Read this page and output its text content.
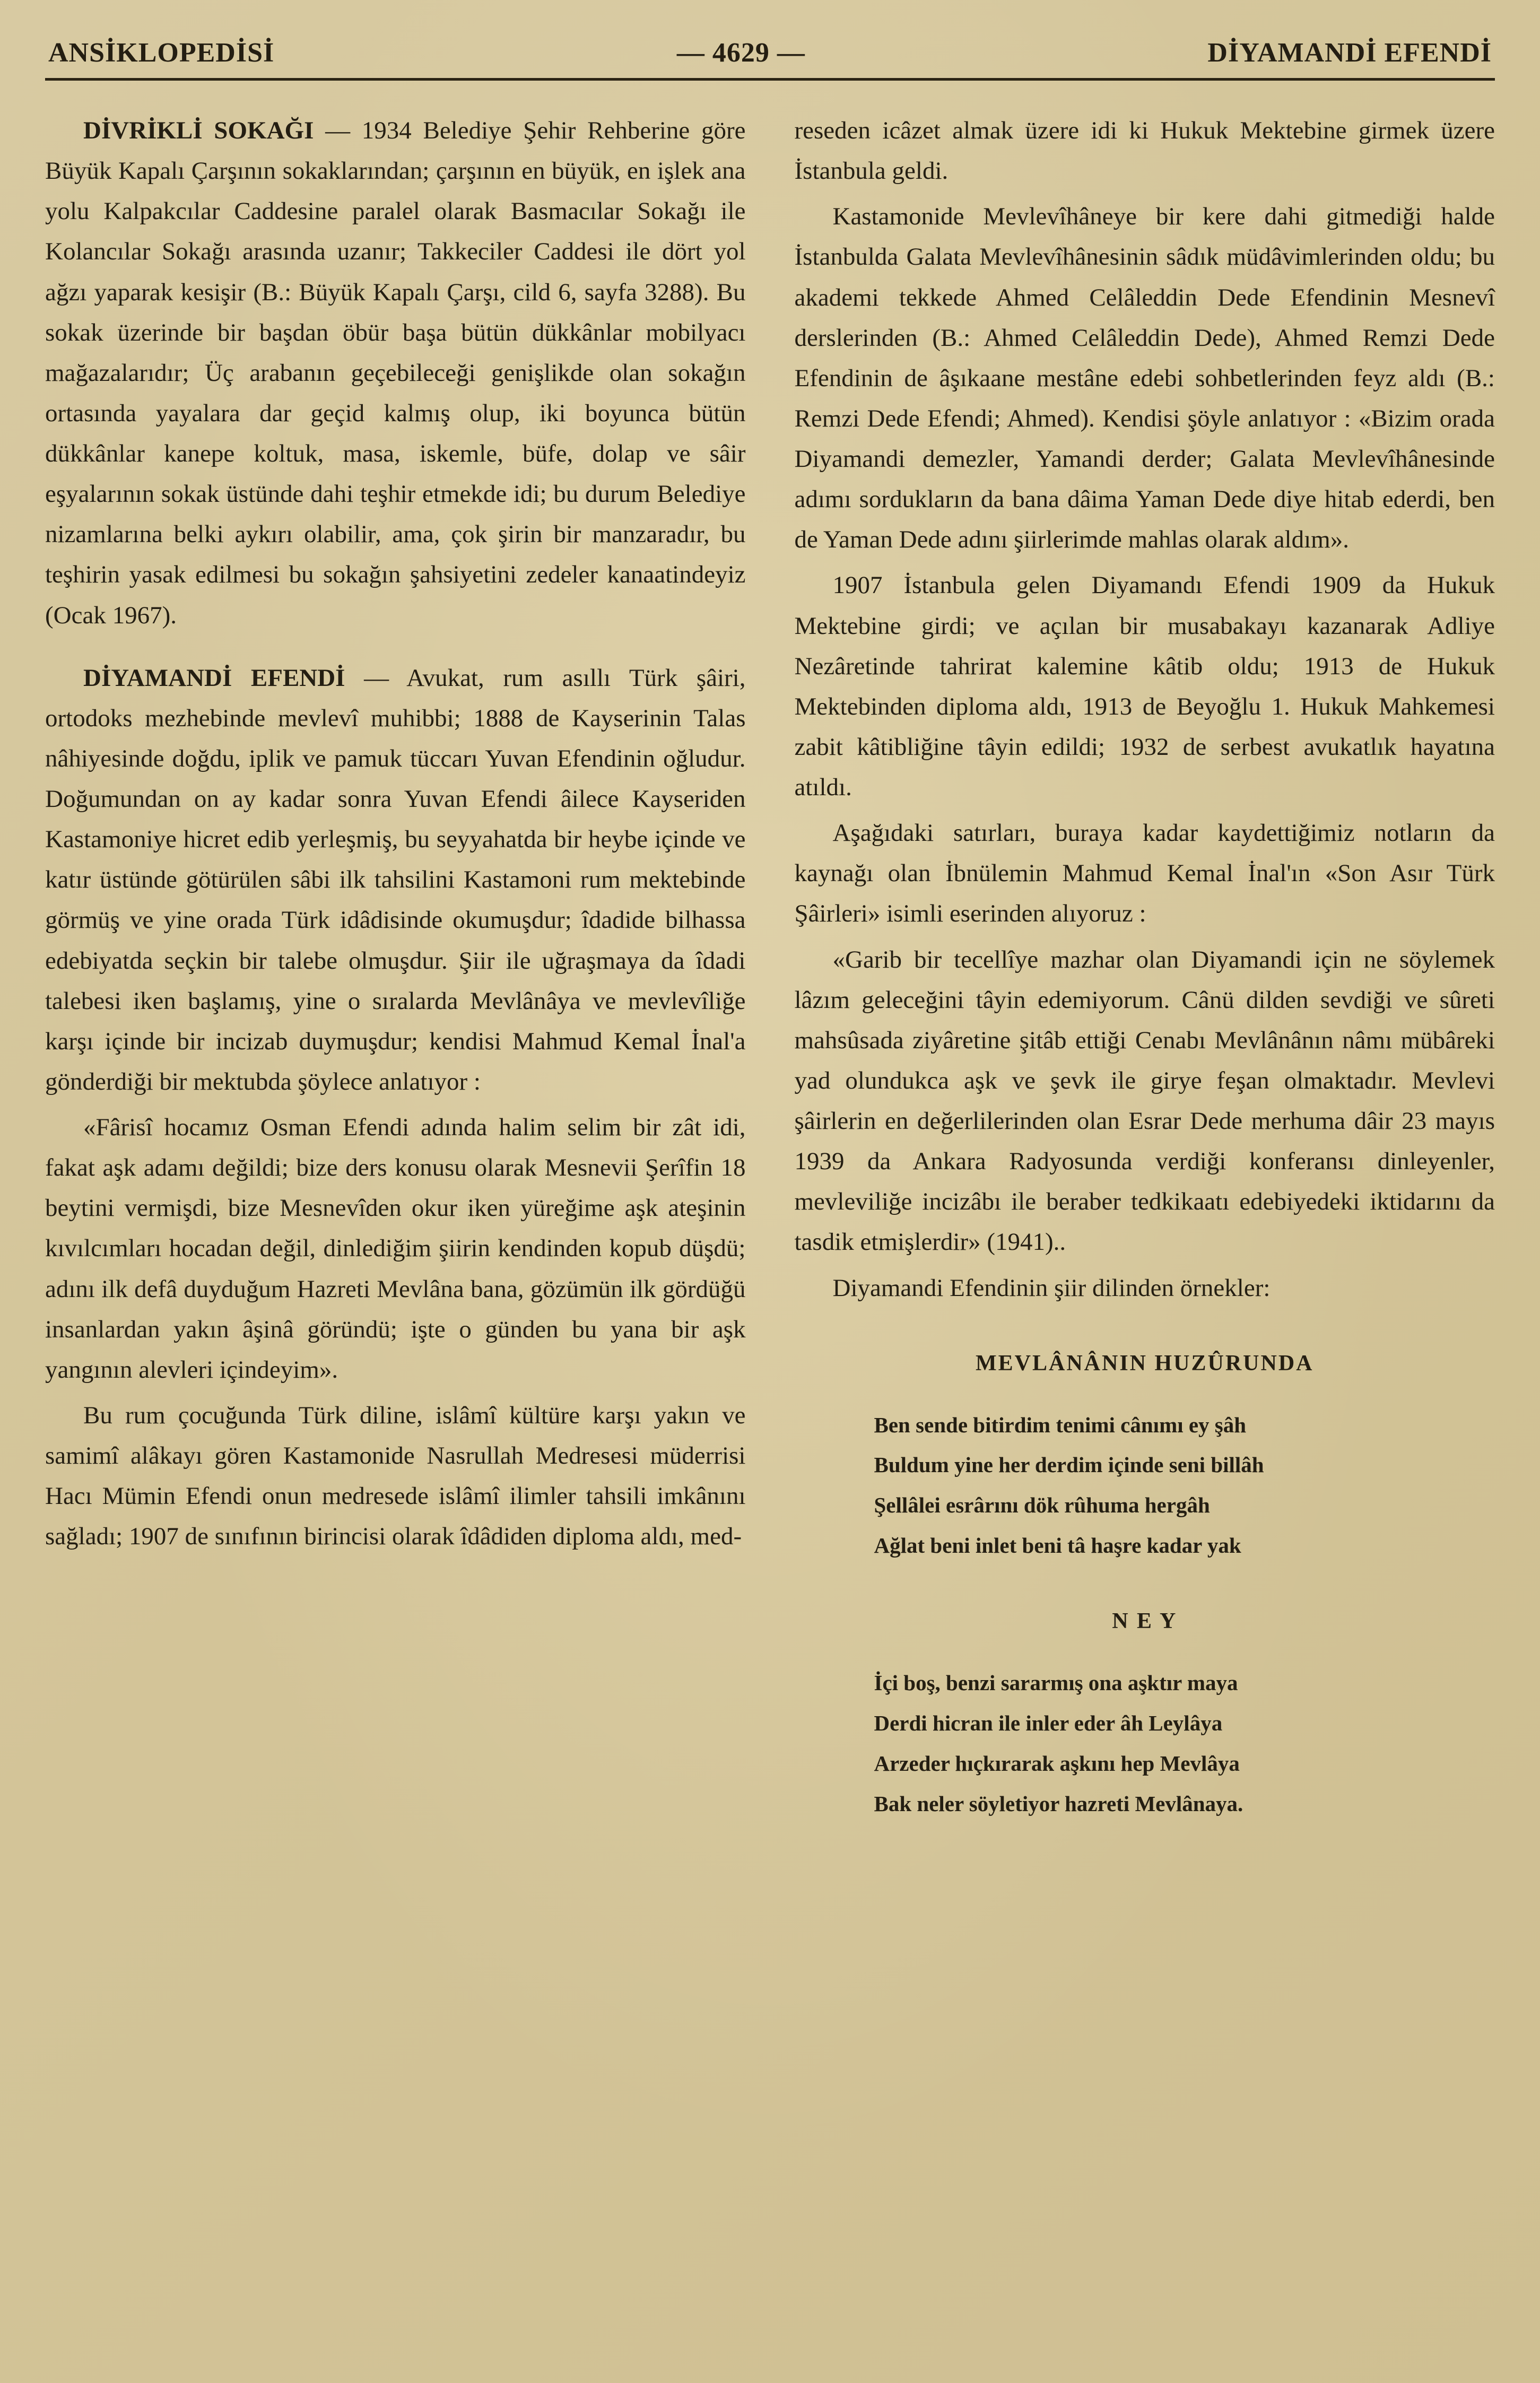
ANSİKLOPEDİSİ	— 4629 —	DİYAMANDİ EFENDİ

DİVRİKLİ SOKAĞI — 1934 Belediye Şehir Rehberine göre Büyük Kapalı Çarşının sokaklarından; çarşının en büyük, en işlek ana yolu Kalpakcılar Caddesine paralel olarak Basmacılar Sokağı ile Kolancılar Sokağı arasında uzanır; Takkeciler Caddesi ile dört yol ağzı yaparak kesişir (B.: Büyük Kapalı Çarşı, cild 6, sayfa 3288). Bu sokak üzerinde bir başdan öbür başa bütün dükkânlar mobilyacı mağazalarıdır; Üç arabanın geçebileceği genişlikde olan sokağın ortasında yayalara dar geçid kalmış olup, iki boyunca bütün dükkânlar kanepe koltuk, masa, iskemle, büfe, dolap ve sâir eşyalarının sokak üstünde dahi teşhir etmekde idi; bu durum Belediye nizamlarına belki aykırı olabilir, ama, çok şirin bir manzaradır, bu teşhirin yasak edilmesi bu sokağın şahsiyetini zedeler kanaatindeyiz (Ocak 1967).

DİYAMANDİ EFENDİ — Avukat, rum asıllı Türk şâiri, ortodoks mezhebinde mevlevî muhibbi; 1888 de Kayserinin Talas nâhiyesinde doğdu, iplik ve pamuk tüccarı Yuvan Efendinin oğludur. Doğumundan on ay kadar sonra Yuvan Efendi âilece Kayseriden Kastamoniye hicret edib yerleşmiş, bu seyyahatda bir heybe içinde ve katır üstünde götürülen sâbi ilk tahsilini Kastamoni rum mektebinde görmüş ve yine orada Türk idâdisinde okumuşdur; îdadide bilhassa edebiyatda seçkin bir talebe olmuşdur. Şiir ile uğraşmaya da îdadi talebesi iken başlamış, yine o sıralarda Mevlânâya ve mevlevîliğe karşı içinde bir incizab duymuşdur; kendisi Mahmud Kemal İnal'a gönderdiği bir mektubda şöylece anlatıyor :

«Fârisî hocamız Osman Efendi adında halim selim bir zât idi, fakat aşk adamı değildi; bize ders konusu olarak Mesnevii Şerîfin 18 beytini vermişdi, bize Mesnevîden okur iken yüreğime aşk ateşinin kıvılcımları hocadan değil, dinlediğim şiirin kendinden kopub düşdü; adını ilk defâ duyduğum Hazreti Mevlâna bana, gözümün ilk gördüğü insanlardan yakın âşinâ göründü; işte o günden bu yana bir aşk yangının alevleri içindeyim».

Bu rum çocuğunda Türk diline, islâmî kültüre karşı yakın ve samimî alâkayı gören Kastamonide Nasrullah Medresesi müderrisi Hacı Mümin Efendi onun medresede islâmî ilimler tahsili imkânını sağladı; 1907 de sınıfının birincisi olarak îdâdiden diploma aldı, med-

reseden icâzet almak üzere idi ki Hukuk Mektebine girmek üzere İstanbula geldi.

Kastamonide Mevlevîhâneye bir kere dahi gitmediği halde İstanbulda Galata Mevlevîhânesinin sâdık müdâvimlerinden oldu; bu akademi tekkede Ahmed Celâleddin Dede Efendinin Mesnevî derslerinden (B.: Ahmed Celâleddin Dede), Ahmed Remzi Dede Efendinin de âşıkaane mestâne edebi sohbetlerinden feyz aldı (B.: Remzi Dede Efendi; Ahmed). Kendisi şöyle anlatıyor : «Bizim orada Diyamandi demezler, Yamandi derder; Galata Mevlevîhânesinde adımı sordukların da bana dâima Yaman Dede diye hitab ederdi, ben de Yaman Dede adını şiirlerimde mahlas olarak aldım».

1907 İstanbula gelen Diyamandı Efendi 1909 da Hukuk Mektebine girdi; ve açılan bir musabakayı kazanarak Adliye Nezâretinde tahrirat kalemine kâtib oldu; 1913 de Hukuk Mektebinden diploma aldı, 1913 de Beyoğlu 1. Hukuk Mahkemesi zabit kâtibliğine tâyin edildi; 1932 de serbest avukatlık hayatına atıldı.

Aşağıdaki satırları, buraya kadar kaydettiğimiz notların da kaynağı olan İbnülemin Mahmud Kemal İnal'ın «Son Asır Türk Şâirleri» isimli eserinden alıyoruz :

«Garib bir tecellîye mazhar olan Diyamandi için ne söylemek lâzım geleceğini tâyin edemiyorum. Cânü dilden sevdiği ve sûreti mahsûsada ziyâretine şitâb ettiği Cenabı Mevlânânın nâmı mübâreki yad olundukca aşk ve şevk ile girye feşan olmaktadır. Mevlevi şâirlerin en değerlilerinden olan Esrar Dede merhuma dâir 23 mayıs 1939 da Ankara Radyosunda verdiği konferansı dinleyenler, mevleviliğe incizâbı ile beraber tedkikaatı edebiyedeki iktidarını da tasdik etmişlerdir» (1941)..

Diyamandi Efendinin şiir dilinden örnekler:

MEVLÂNÂNIN HUZÛRUNDA
Ben sende bitirdim tenimi cânımı ey şâh
Buldum yine her derdim içinde seni billâh
Şellâlei esrârını dök rûhuma hergâh
Ağlat beni inlet beni tâ haşre kadar yak
N E Y
İçi boş, benzi sararmış ona aşktır maya
Derdi hicran ile inler eder âh Leylâya
Arzeder hıçkırarak aşkını hep Mevlâya
Bak neler söyletiyor hazreti Mevlânaya.
